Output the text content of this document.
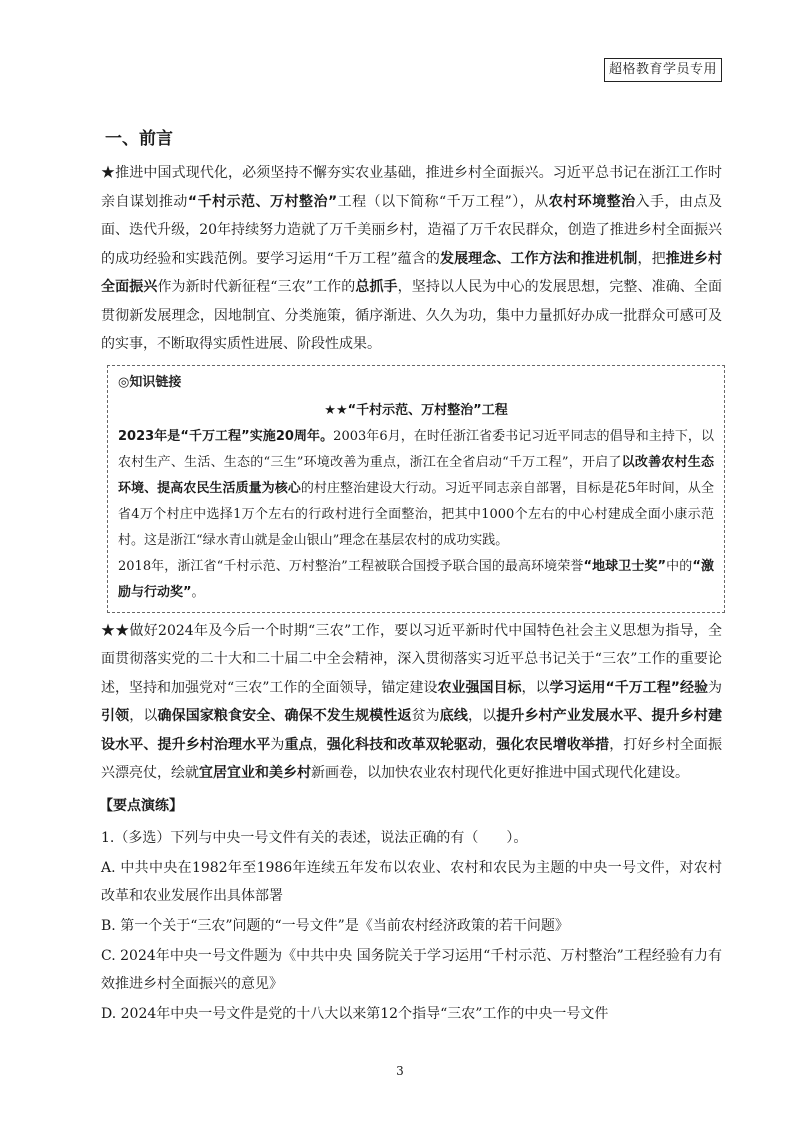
超格教育学员专用
一、前言

★推进中国式现代化，必须坚持不懈夯实农业基础，推进乡村全面振兴。习近平总书记在浙江工作时亲自谋划推动“千村示范、万村整治”工程（以下简称“千万工程”），从农村环境整治入手，由点及面、迭代升级，20年持续努力造就了万千美丽乡村，造福了万千农民群众，创造了推进乡村全面振兴的成功经验和实践范例。要学习运用“千万工程”蕴含的发展理念、工作方法和推进机制，把推进乡村全面振兴作为新时代新征程“三农”工作的总抓手，坚持以人民为中心的发展思想，完整、准确、全面贯彻新发展理念，因地制宜、分类施策，循序渐进、久久为功，集中力量抓好办成一批群众可感可及的实事，不断取得实质性进展、阶段性成果。

◎知识链接
★★“千村示范、万村整治”工程

2023年是“千万工程”实施20周年。2003年6月，在时任浙江省委书记习近平同志的倡导和主持下，以农村生产、生活、生态的“三生”环境改善为重点，浙江在全省启动“千万工程”，开启了以改善农村生态环境、提高农民生活质量为核心的村庄整治建设大行动。习近平同志亲自部署，目标是花5年时间，从全省4万个村庄中选择1万个左右的行政村进行全面整治，把其中1000个左右的中心村建成全面小康示范村。这是浙江“绿水青山就是金山银山”理念在基层农村的成功实践。

2018年，浙江省“千村示范、万村整治”工程被联合国授予联合国的最高环境荣誉“地球卫士奖”中的“激励与行动奖”。

★★做好2024年及今后一个时期“三农”工作，要以习近平新时代中国特色社会主义思想为指导，全面贯彻落实党的二十大和二十届二中全会精神，深入贯彻落实习近平总书记关于“三农”工作的重要论述，坚持和加强党对“三农”工作的全面领导，锚定建设农业强国目标，以学习运用“千万工程”经验为引领，以确保国家粮食安全、确保不发生规模性返贫为底线，以提升乡村产业发展水平、提升乡村建设水平、提升乡村治理水平为重点，强化科技和改革双轮驱动，强化农民增收举措，打好乡村全面振兴漂亮仗，绘就宜居宜业和美乡村新画卷，以加快农业农村现代化更好推进中国式现代化建设。

【要点演练】

1.（多选）下列与中央一号文件有关的表述，说法正确的有（　　）。

A. 中共中央在1982年至1986年连续五年发布以农业、农村和农民为主题的中央一号文件，对农村改革和农业发展作出具体部署

B. 第一个关于“三农”问题的“一号文件”是《当前农村经济政策的若干问题》

C. 2024年中央一号文件题为《中共中央 国务院关于学习运用“千村示范、万村整治”工程经验有力有效推进乡村全面振兴的意见》

D. 2024年中央一号文件是党的十八大以来第12个指导“三农”工作的中央一号文件

3
